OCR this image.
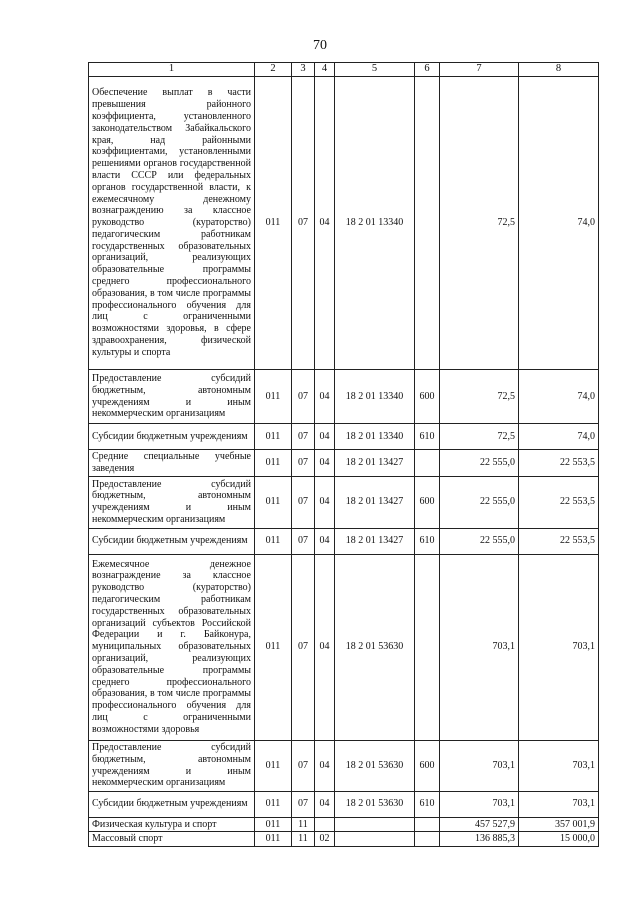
70
1	2	3	4	5	6	7	8
Обеспечение выплат в части превышения районного коэффициента, установленного законодательством Забайкальского края, над районными коэффициентами, установленными решениями органов государственной власти СССР или федеральных органов государственной власти, к ежемесячному денежному вознаграждению за классное руководство (кураторство) педагогическим работникам государственных образовательных организаций, реализующих образовательные программы среднего профессионального образования, в том числе программы профессионального обучения для лиц с ограниченными возможностями здоровья, в сфере здравоохранения, физической культуры и спорта	011	07	04	18 2 01 13340		72,5	74,0
Предоставление субсидий бюджетным, автономным учреждениям и иным некоммерческим организациям	011	07	04	18 2 01 13340	600	72,5	74,0
Субсидии бюджетным учреждениям	011	07	04	18 2 01 13340	610	72,5	74,0
Средние специальные учебные заведения	011	07	04	18 2 01 13427		22 555,0	22 553,5
Предоставление субсидий бюджетным, автономным учреждениям и иным некоммерческим организациям	011	07	04	18 2 01 13427	600	22 555,0	22 553,5
Субсидии бюджетным учреждениям	011	07	04	18 2 01 13427	610	22 555,0	22 553,5
Ежемесячное денежное вознаграждение за классное руководство (кураторство) педагогическим работникам государственных образовательных организаций субъектов Российской Федерации и г. Байконура, муниципальных образовательных организаций, реализующих образовательные программы среднего профессионального образования, в том числе программы профессионального обучения для лиц с ограниченными возможностями здоровья	011	07	04	18 2 01 53630		703,1	703,1
Предоставление субсидий бюджетным, автономным учреждениям и иным некоммерческим организациям	011	07	04	18 2 01 53630	600	703,1	703,1
Субсидии бюджетным учреждениям	011	07	04	18 2 01 53630	610	703,1	703,1
Физическая культура и спорт	011	11				457 527,9	357 001,9
Массовый спорт	011	11	02			136 885,3	15 000,0
